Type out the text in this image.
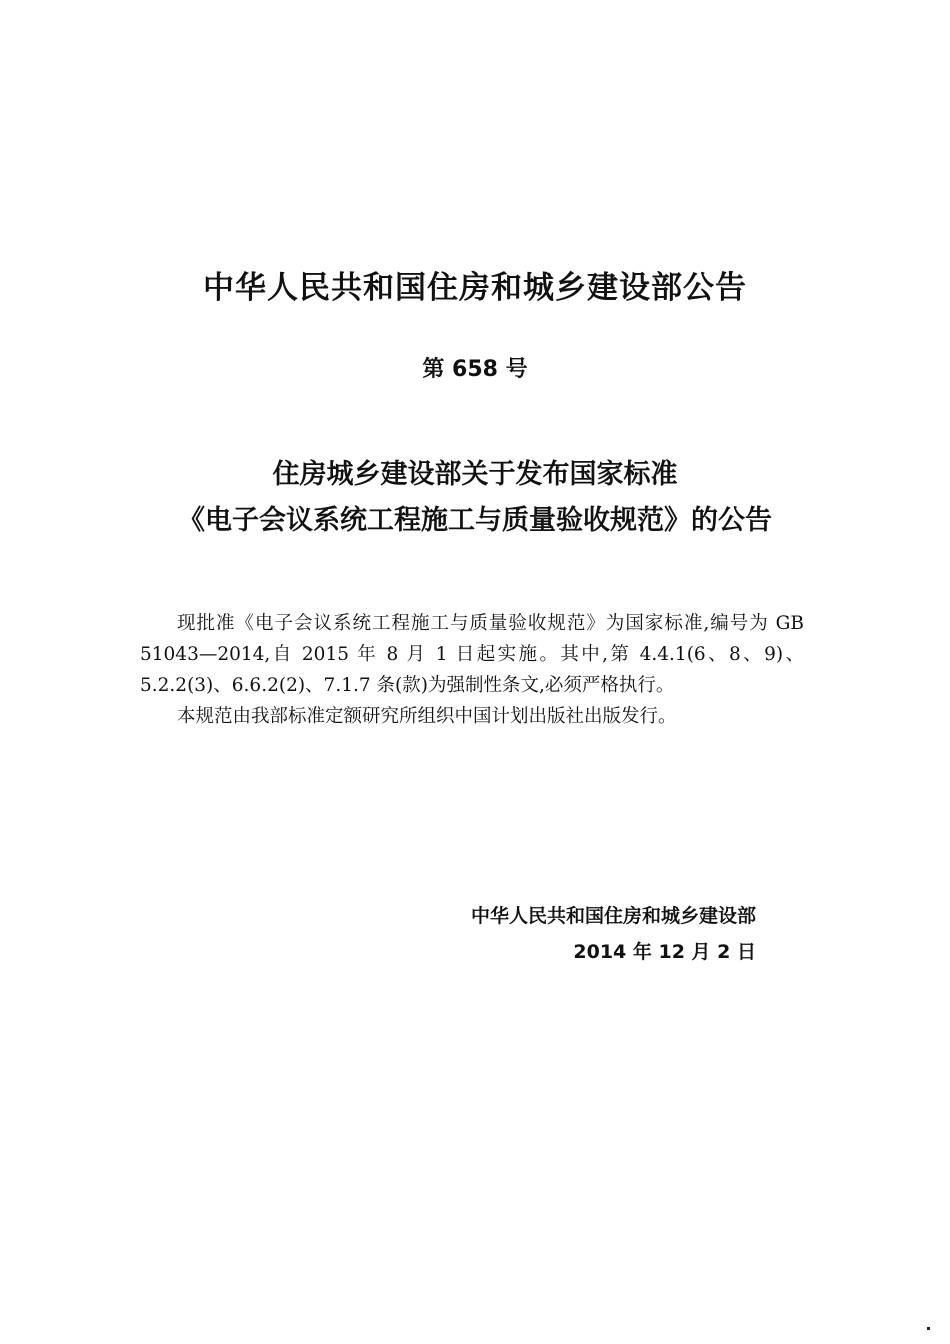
中华人民共和国住房和城乡建设部公告
第 658 号
住房城乡建设部关于发布国家标准
《电子会议系统工程施工与质量验收规范》的公告

现批准《电子会议系统工程施工与质量验收规范》为国家标准,编号为 GB 51043—2014,自 2015 年 8 月 1 日起实施。其中,第 4.4.1(6、8、9)、5.2.2(3)、6.6.2(2)、7.1.7 条(款)为强制性条文,必须严格执行。

本规范由我部标准定额研究所组织中国计划出版社出版发行。

中华人民共和国住房和城乡建设部
2014 年 12 月 2 日
